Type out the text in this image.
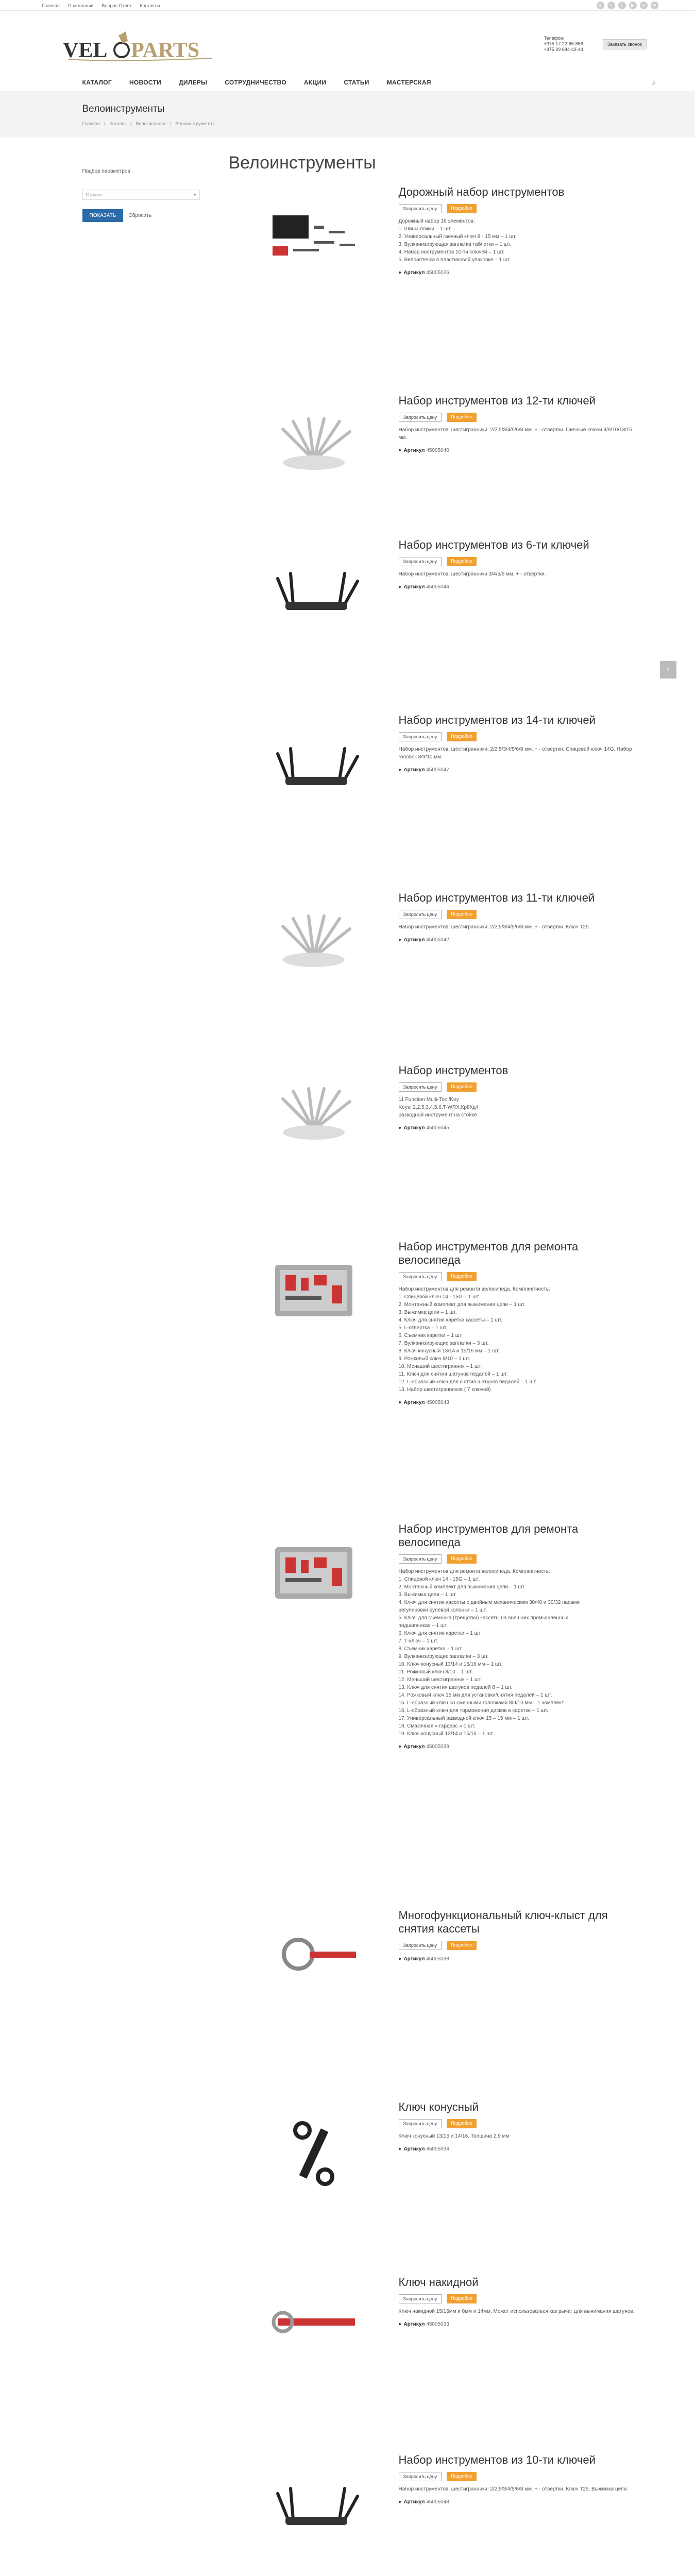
Главная О компании Вопрос-Ответ Контакты	в	f	t	▶	◎	✉
VEL PARTS
Телефон:
+375 17 22-66-866
+375 29 684-42-44
Заказать звонок
КАТАЛОГ	НОВОСТИ	ДИЛЕРЫ	СОТРУДНИЧЕСТВО	АКЦИИ	СТАТЬИ	МАСТЕРСКАЯ	⌕
Велоинструменты
Главная / Каталог / Велозапчасти / Велоинструменты
Подбор параметров
Страна	▾
ПОКАЗАТЬ	Сбросить
Велоинструменты
Дорожный набор инструментов
Запросить цену	Подробно
Дорожный набор 16 элементов:
1. Шины ложки – 1 шт.
2. Универсальный гаечный ключ 8 - 15 мм – 1 шт.
3. Вулканизирующая заплатка таблетки – 1 шт.
4. Набор инструментов 10-ти ключей – 1 шт.
5. Велоаптечка в пластиковой упаковке – 1 шт.
Артикул 45005026
Набор инструментов из 12-ти ключей
Запросить цену	Подробно
Набор инструментов, шестигранники: 2/2,5/3/4/5/6/8 мм. + - отвертки. Гаечные ключи 8/9/10/13/15 мм.
Артикул 45005040
Набор инструментов из 6-ти ключей
Запросить цену	Подробно
Набор инструментов, шестигранники 3/4/5/6 мм. + - отвертки.
Артикул 45005044
Набор инструментов из 14-ти ключей
Запросить цену	Подробно
Набор инструментов, шестигранники: 2/2,5/3/4/5/6/8 мм. + - отвертки. Спицевой ключ 14G. Набор головок 8/9/10 мм.
Артикул 45005047
Набор инструментов из 11-ти ключей
Запросить цену	Подробно
Набор инструментов, шестигранники: 2/2,5/3/4/5/6/8 мм. + - отвертки. Ключ T25.
Артикул 45005042
Набор инструментов
Запросить цену	Подробно
11 Function Multi-Tool/Key
Keys: 2,2.5,3,4,5,6,T-WRX,Кр8Кд4
разводной инструмент на стойке
Артикул 45005045
Набор инструментов для ремонта велосипеда
Запросить цену	Подробно
Набор инструментов для ремонта велосипеда. Комплектность:
1. Спицевой ключ 14 - 15G – 1 шт.
2. Монтажный комплект для выжимания цепи – 1 шт.
3. Выжимка цепи – 1 шт.
4. Ключ для снятия каретки кассеты – 1 шт.
5. L-отвертка – 1 шт.
6. Съемник каретки – 1 шт.
7. Вулканизирующие заплатки – 3 шт.
8. Ключ конусный 13/14 и 15/16 мм – 1 шт.
9. Рожковый ключ 8/10 – 1 шт.
10. Меньший шестигранник – 1 шт.
11. Ключ для снятия шатунов педалей – 1 шт.
12. L-образный ключ для снятия шатунов педалей – 1 шт.
13. Набор шестигранников ( 7 ключей)
Артикул 45005043
Набор инструментов для ремонта велосипеда
Запросить цену	Подробно
Набор инструментов для ремонта велосипеда. Комплектность:
1. Спицевой ключ 14 - 15G – 1 шт.
2. Монтажный комплект для выжимания цепи – 1 шт.
3. Выжимка цепи – 1 шт.
4. Ключ для снятия кассеты с двойным механическим 30/40 и 30/32 пасами
регулировки рулевой колонки – 1 шт.
5. Ключ для съёмника (трещотки) кассеты на внешних промышленных
подшипниках – 1 шт.
6. Ключ для снятия каретки – 1 шт.
7. Т-ключ – 1 шт.
8. Съемник каретки – 1 шт.
9. Вулканизирующие заплатки – 3 шт.
10. Ключ конусный 13/14 и 15/16 мм – 1 шт.
11. Рожковый ключ 8/10 – 1 шт.
12. Меньший шестигранник – 1 шт.
13. Ключ для снятия шатунов педалей 8 – 1 шт.
14. Рожковый ключ 15 мм для установки/снятия педалей – 1 шт.
15. L-образный ключ со сменными головками 8/9/10 мм – 1 комплект
16. L-образный ключ для торможения дисков в каретке – 1 шт.
17. Универсальный разводной ключ 15 – 15 мм – 1 шт.
18. Смазочная « гардерс » 1 шт.
19. Ключ конусный 13/14 и 15/16 – 1 шт.
Артикул 45005039
Многофункциональный ключ-клыст для снятия кассеты
Запросить цену	Подробно
Артикул 45005038
Ключ конусный
Запросить цену	Подробно
Ключ конусный 13/15 и 14/16. Толщина 2,9 мм
Артикул 45005034
Ключ накидной
Запросить цену	Подробно
Ключ накидной 15/16мм и 8мм и 14мм. Может использоваться как рычаг для вынимания шатунов.
Артикул 45005033
Набор инструментов из 10-ти ключей
Запросить цену	Подробно
Набор инструментов, шестигранники: 2/2,5/3/4/5/6/8 мм. + - отвертки. Ключ T25. Выжимка цепи.
Артикул 45005048
‹
